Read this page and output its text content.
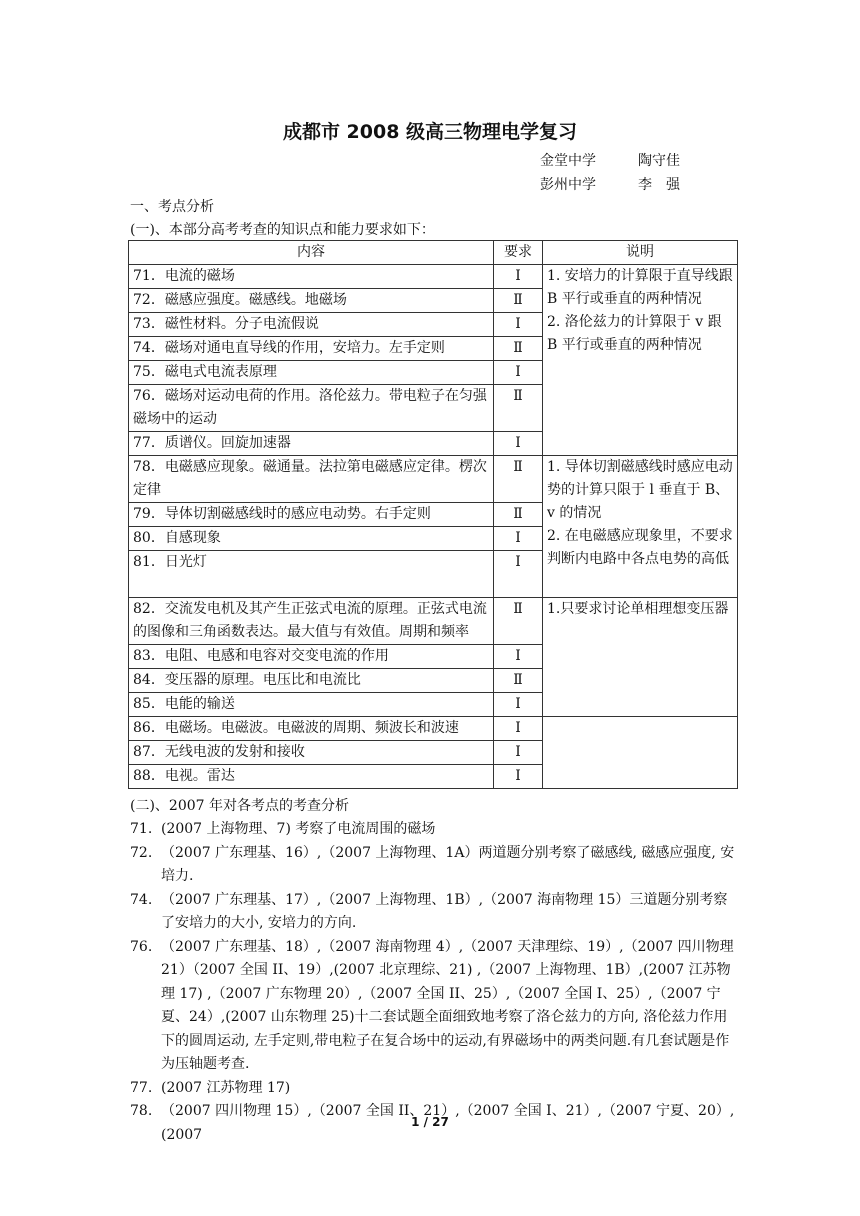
成都市 2008 级高三物理电学复习
金堂中学	陶守佳
彭州中学	李　强
一、考点分析
(一)、本部分高考考查的知识点和能力要求如下：
内容	要求	说明
71．电流的磁场	Ⅰ	1. 安培力的计算限于直导线跟 B 平行或垂直的两种情况
2. 洛伦兹力的计算限于 v 跟 B 平行或垂直的两种情况

72．磁感应强度。磁感线。地磁场	Ⅱ	
73．磁性材料。分子电流假说	Ⅰ	
74．磁场对通电直导线的作用，安培力。左手定则	Ⅱ	
75．磁电式电流表原理	Ⅰ	
76．磁场对运动电荷的作用。洛伦兹力。带电粒子在匀强磁场中的运动	Ⅱ	
77．质谱仪。回旋加速器	Ⅰ	
78．电磁感应现象。磁通量。法拉第电磁感应定律。楞次定律	Ⅱ	1. 导体切割磁感线时感应电动势的计算只限于 l 垂直于 B、v 的情况
2. 在电磁感应现象里，不要求判断内电路中各点电势的高低

79．导体切割磁感线时的感应电动势。右手定则	Ⅱ	
80．自感现象	Ⅰ	
81．日光灯	Ⅰ	
82．交流发电机及其产生正弦式电流的原理。正弦式电流的图像和三角函数表达。最大值与有效值。周期和频率	Ⅱ	1.只要求讨论单相理想变压器

83．电阻、电感和电容对交变电流的作用	Ⅰ	
84．变压器的原理。电压比和电流比	Ⅱ	
85．电能的输送	Ⅰ	
86．电磁场。电磁波。电磁波的周期、频波长和波速	Ⅰ	

87．无线电波的发射和接收	Ⅰ	
88．电视。雷达	Ⅰ	
(二)、2007 年对各考点的考查分析
71. (2007 上海物理、7) 考察了电流周围的磁场
72. （2007 广东理基、16）,（2007 上海物理、1A）两道题分别考察了磁感线, 磁感应强度, 安培力.
74. （2007 广东理基、17）,（2007 上海物理、1B）,（2007 海南物理 15）三道题分别考察了安培力的大小, 安培力的方向.
76. （2007 广东理基、18）,（2007 海南物理 4）,（2007 天津理综、19）,（2007 四川物理 21）（2007 全国 II、19）,(2007 北京理综、21) ,（2007 上海物理、1B）,(2007 江苏物理 17) ,（2007 广东物理 20）,（2007 全国 II、25）,（2007 全国 I、25）,（2007 宁夏、24）,(2007 山东物理 25)十二套试题全面细致地考察了洛仑兹力的方向, 洛伦兹力作用下的圆周运动, 左手定则,带电粒子在复合场中的运动,有界磁场中的两类问题.有几套试题是作为压轴题考查.
77. (2007 江苏物理 17)
78. （2007 四川物理 15）,（2007 全国 II、21）,（2007 全国 I、21）,（2007 宁夏、20）, (2007
1 / 27
